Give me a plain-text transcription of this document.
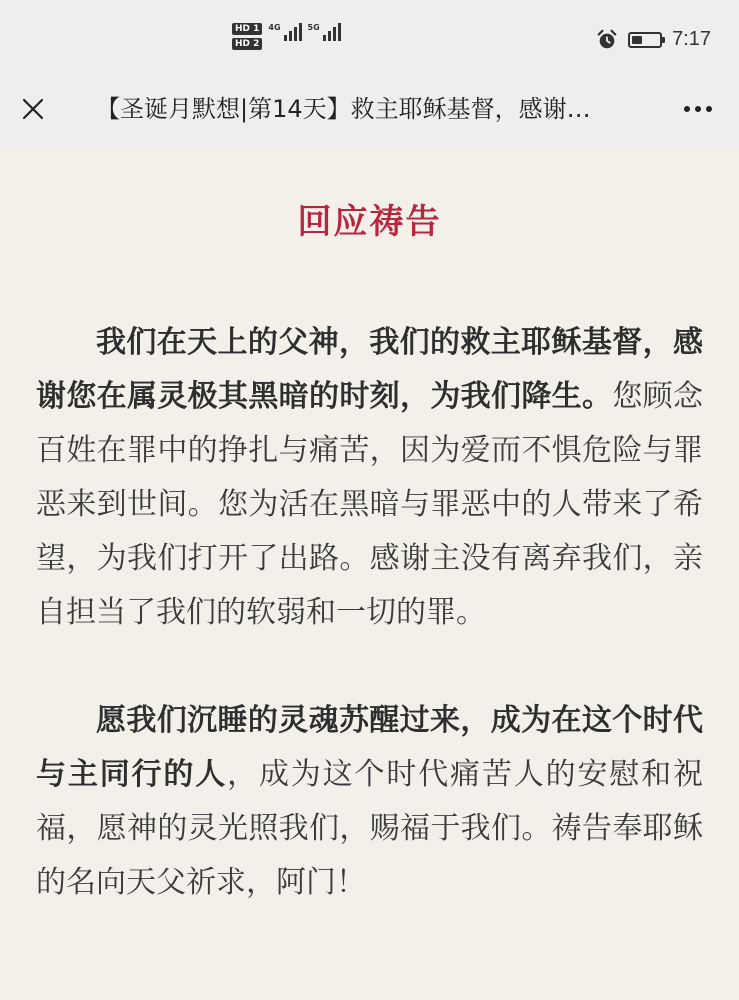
HD 1
HD 2
4G	5G
7:17
【圣诞月默想|第14天】救主耶稣基督，感谢…
回应祷告

我们在天上的父神，我们的救主耶稣基督，感谢您在属灵极其黑暗的时刻，为我们降生。您顾念百姓在罪中的挣扎与痛苦，因为爱而不惧危险与罪恶来到世间。您为活在黑暗与罪恶中的人带来了希望，为我们打开了出路。感谢主没有离弃我们，亲自担当了我们的软弱和一切的罪。

愿我们沉睡的灵魂苏醒过来，成为在这个时代与主同行的人，成为这个时代痛苦人的安慰和祝福，愿神的灵光照我们，赐福于我们。祷告奉耶稣的名向天父祈求，阿门！
